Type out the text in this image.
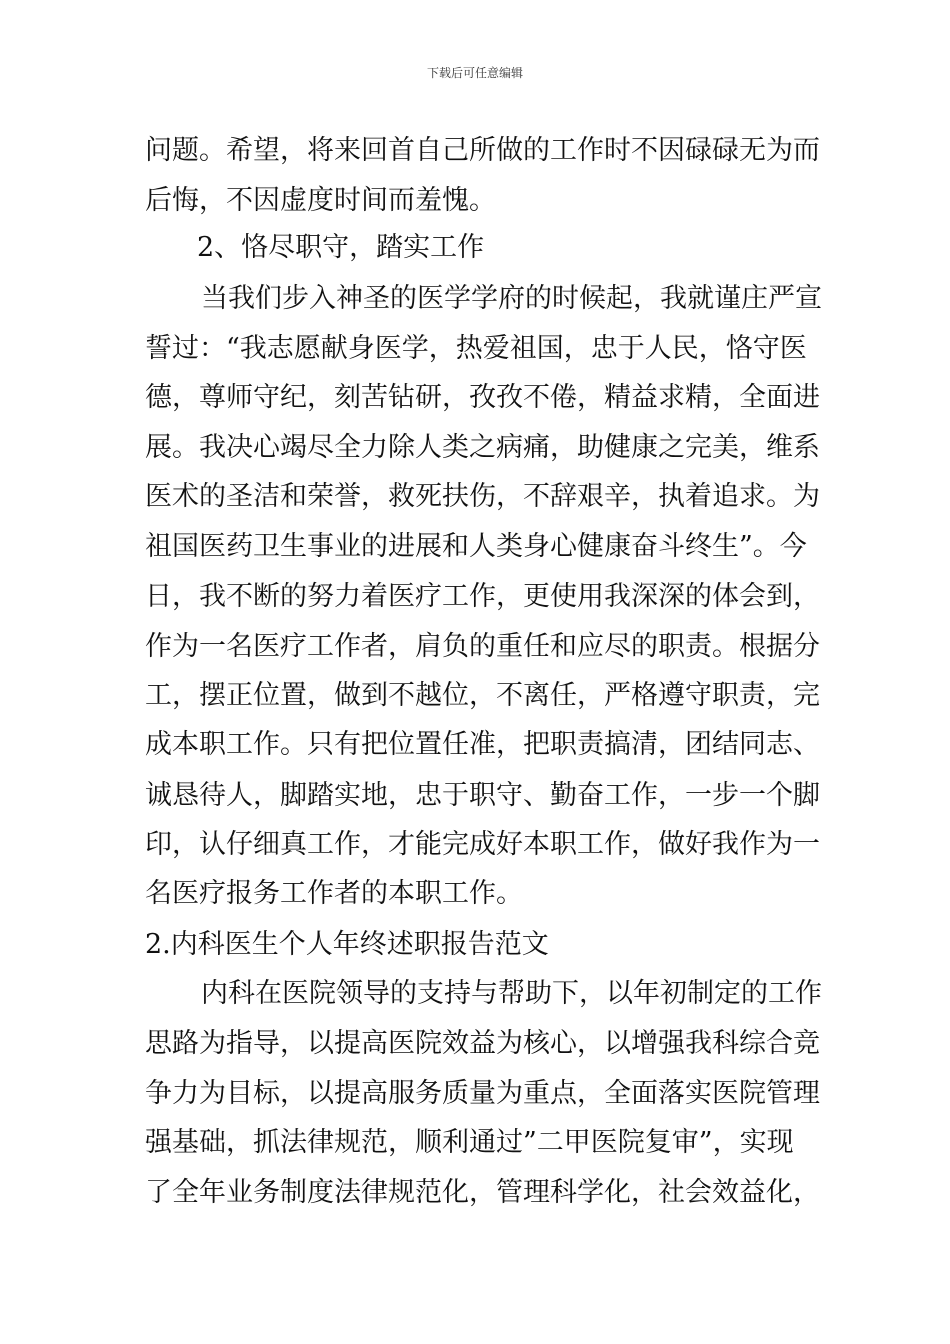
下载后可任意编辑
问题。希望，将来回首自己所做的工作时不因碌碌无为而
后悔，不因虚度时间而羞愧。
2、恪尽职守，踏实工作
当我们步入神圣的医学学府的时候起，我就谨庄严宣
誓过：“我志愿献身医学，热爱祖国，忠于人民，恪守医
德，尊师守纪，刻苦钻研，孜孜不倦，精益求精，全面进
展。我决心竭尽全力除人类之病痛，助健康之完美，维系
医术的圣洁和荣誉，救死扶伤，不辞艰辛，执着追求。为
祖国医药卫生事业的进展和人类身心健康奋斗终生”。今
日，我不断的努力着医疗工作，更使用我深深的体会到，
作为一名医疗工作者，肩负的重任和应尽的职责。根据分
工，摆正位置，做到不越位，不离任，严格遵守职责，完
成本职工作。只有把位置任准，把职责搞清，团结同志、
诚恳待人，脚踏实地，忠于职守、勤奋工作，一步一个脚
印，认仔细真工作，才能完成好本职工作，做好我作为一
名医疗报务工作者的本职工作。
2.内科医生个人年终述职报告范文
内科在医院领导的支持与帮助下，以年初制定的工作
思路为指导，以提高医院效益为核心，以增强我科综合竞
争力为目标，以提高服务质量为重点，全面落实医院管理
强基础，抓法律规范，顺利通过”二甲医院复审”，实现
了全年业务制度法律规范化，管理科学化，社会效益化，
